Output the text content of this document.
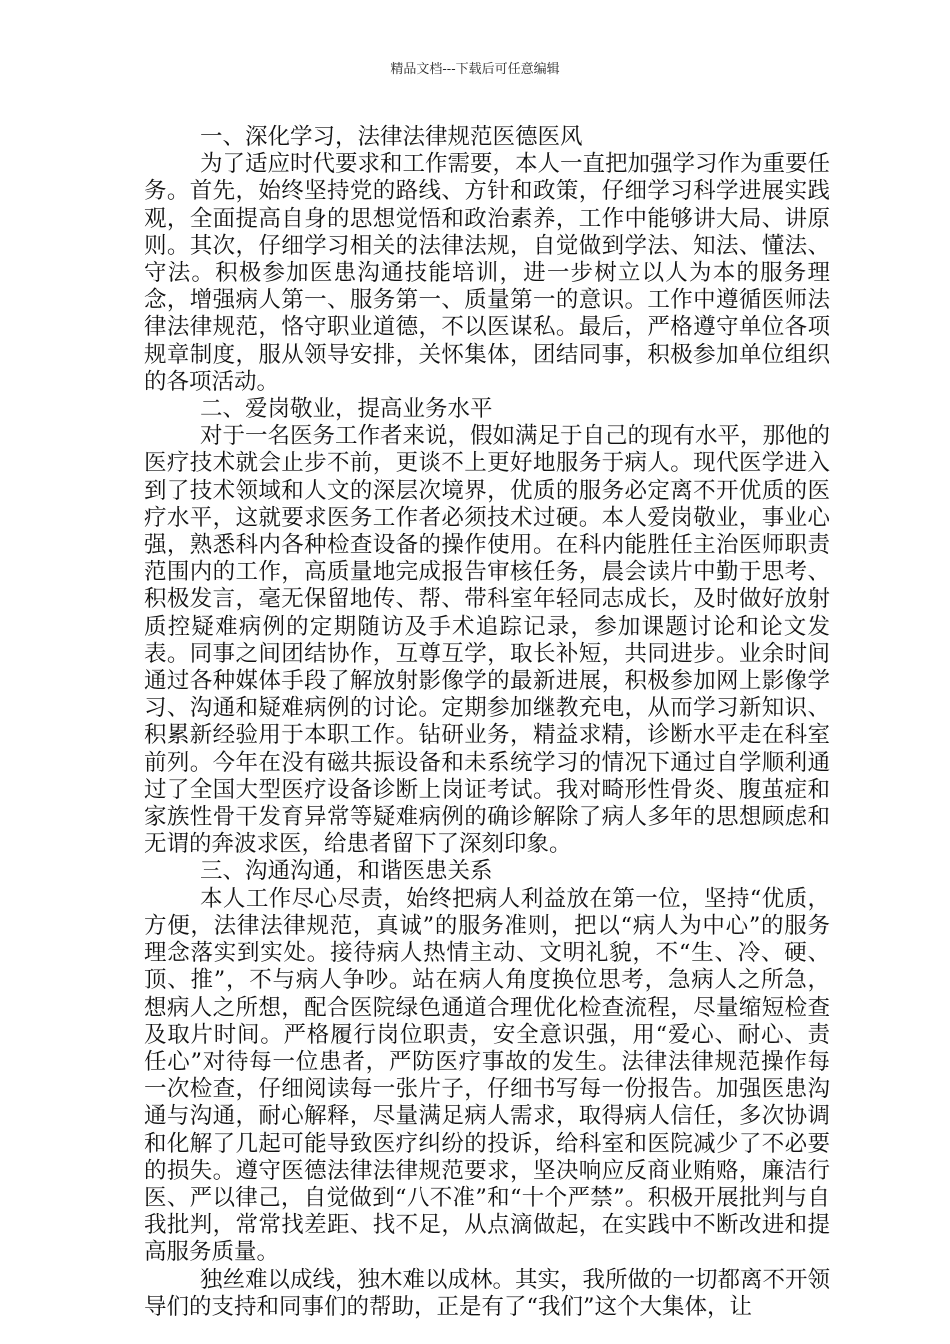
精品文档---下载后可任意编辑

一、深化学习，法律法律规范医德医风

为了适应时代要求和工作需要，本人一直把加强学习作为重要任务。首先，始终坚持党的路线、方针和政策，仔细学习科学进展实践观，全面提高自身的思想觉悟和政治素养，工作中能够讲大局、讲原则。其次，仔细学习相关的法律法规，自觉做到学法、知法、懂法、守法。积极参加医患沟通技能培训，进一步树立以人为本的服务理念，增强病人第一、服务第一、质量第一的意识。工作中遵循医师法律法律规范，恪守职业道德，不以医谋私。最后，严格遵守单位各项规章制度，服从领导安排，关怀集体，团结同事，积极参加单位组织的各项活动。

二、爱岗敬业，提高业务水平

对于一名医务工作者来说，假如满足于自己的现有水平，那他的医疗技术就会止步不前，更谈不上更好地服务于病人。现代医学进入到了技术领域和人文的深层次境界，优质的服务必定离不开优质的医疗水平，这就要求医务工作者必须技术过硬。本人爱岗敬业，事业心强，熟悉科内各种检查设备的操作使用。在科内能胜任主治医师职责范围内的工作，高质量地完成报告审核任务，晨会读片中勤于思考、积极发言，毫无保留地传、帮、带科室年轻同志成长，及时做好放射质控疑难病例的定期随访及手术追踪记录，参加课题讨论和论文发表。同事之间团结协作，互尊互学，取长补短，共同进步。业余时间通过各种媒体手段了解放射影像学的最新进展，积极参加网上影像学习、沟通和疑难病例的讨论。定期参加继教充电，从而学习新知识、积累新经验用于本职工作。钻研业务，精益求精，诊断水平走在科室前列。今年在没有磁共振设备和未系统学习的情况下通过自学顺利通过了全国大型医疗设备诊断上岗证考试。我对畸形性骨炎、腹茧症和家族性骨干发育异常等疑难病例的确诊解除了病人多年的思想顾虑和无谓的奔波求医，给患者留下了深刻印象。

三、沟通沟通，和谐医患关系

本人工作尽心尽责，始终把病人利益放在第一位，坚持“优质，方便，法律法律规范，真诚”的服务准则，把以“病人为中心”的服务理念落实到实处。接待病人热情主动、文明礼貌，不“生、冷、硬、顶、推”，不与病人争吵。站在病人角度换位思考，急病人之所急，想病人之所想，配合医院绿色通道合理优化检查流程，尽量缩短检查及取片时间。严格履行岗位职责，安全意识强，用“爱心、耐心、责任心”对待每一位患者，严防医疗事故的发生。法律法律规范操作每一次检查，仔细阅读每一张片子，仔细书写每一份报告。加强医患沟通与沟通，耐心解释，尽量满足病人需求，取得病人信任，多次协调和化解了几起可能导致医疗纠纷的投诉，给科室和医院减少了不必要的损失。遵守医德法律法律规范要求，坚决响应反商业贿赂，廉洁行医、严以律己，自觉做到“八不准”和“十个严禁”。积极开展批判与自我批判，常常找差距、找不足，从点滴做起，在实践中不断改进和提高服务质量。

独丝难以成线，独木难以成林。其实，我所做的一切都离不开领导们的支持和同事们的帮助，正是有了“我们”这个大集体，让
